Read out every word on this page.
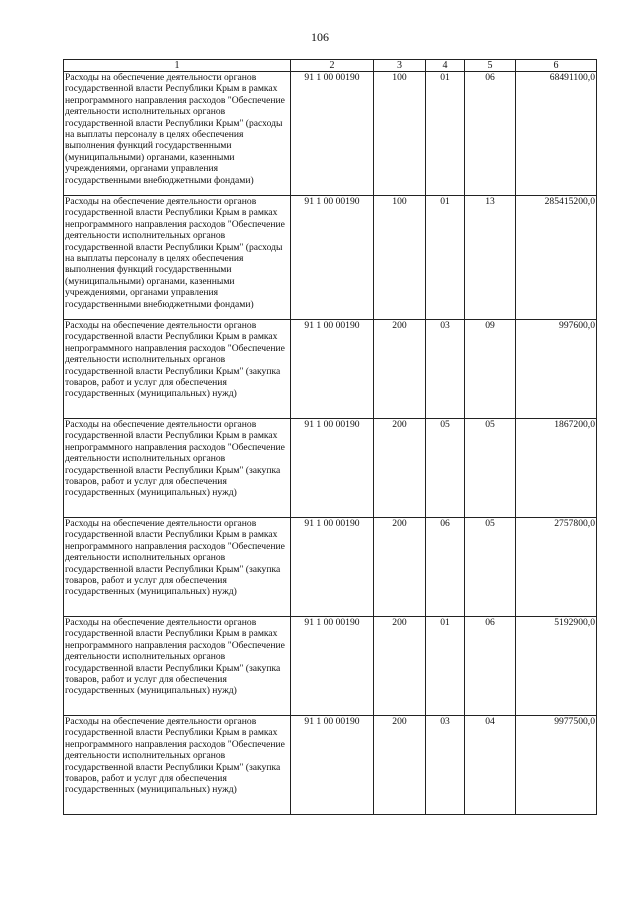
106
1	2	3	4	5	6
Расходы на обеспечение деятельности органов государственной власти Республики Крым в рамках непрограммного направления расходов "Обеспечение деятельности исполнительных органов государственной власти Республики Крым" (расходы на выплаты персоналу в целях обеспечения выполнения функций государственными (муниципальными) органами, казенными учреждениями, органами управления государственными внебюджетными фондами)	91 1 00 00190	100	01	06	68491100,0
Расходы на обеспечение деятельности органов государственной власти Республики Крым в рамках непрограммного направления расходов "Обеспечение деятельности исполнительных органов государственной власти Республики Крым" (расходы на выплаты персоналу в целях обеспечения выполнения функций государственными (муниципальными) органами, казенными учреждениями, органами управления государственными внебюджетными фондами)	91 1 00 00190	100	01	13	285415200,0
Расходы на обеспечение деятельности органов государственной власти Республики Крым в рамках непрограммного направления расходов "Обеспечение деятельности исполнительных органов государственной власти Республики Крым" (закупка товаров, работ и услуг для обеспечения государственных (муниципальных) нужд)	91 1 00 00190	200	03	09	997600,0
Расходы на обеспечение деятельности органов государственной власти Республики Крым в рамках непрограммного направления расходов "Обеспечение деятельности исполнительных органов государственной власти Республики Крым" (закупка товаров, работ и услуг для обеспечения государственных (муниципальных) нужд)	91 1 00 00190	200	05	05	1867200,0
Расходы на обеспечение деятельности органов государственной власти Республики Крым в рамках непрограммного направления расходов "Обеспечение деятельности исполнительных органов государственной власти Республики Крым" (закупка товаров, работ и услуг для обеспечения государственных (муниципальных) нужд)	91 1 00 00190	200	06	05	2757800,0
Расходы на обеспечение деятельности органов государственной власти Республики Крым в рамках непрограммного направления расходов "Обеспечение деятельности исполнительных органов государственной власти Республики Крым" (закупка товаров, работ и услуг для обеспечения государственных (муниципальных) нужд)	91 1 00 00190	200	01	06	5192900,0
Расходы на обеспечение деятельности органов государственной власти Республики Крым в рамках непрограммного направления расходов "Обеспечение деятельности исполнительных органов государственной власти Республики Крым" (закупка товаров, работ и услуг для обеспечения государственных (муниципальных) нужд)	91 1 00 00190	200	03	04	9977500,0
